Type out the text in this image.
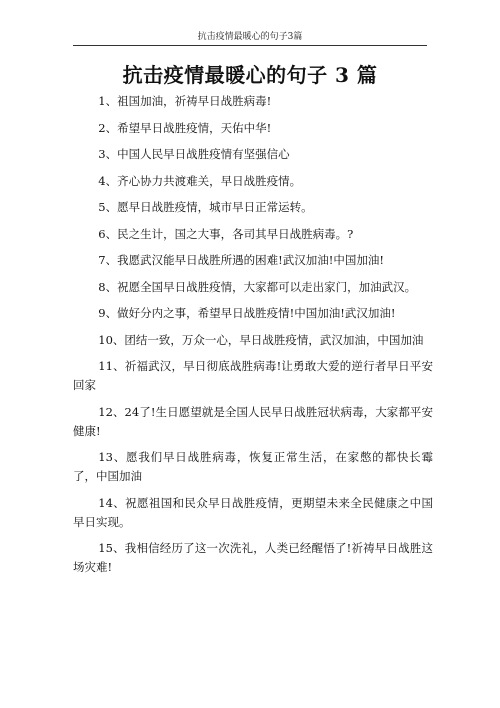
抗击疫情最暖心的句子3篇
抗击疫情最暖心的句子 3 篇

1、祖国加油，祈祷早日战胜病毒!

2、希望早日战胜疫情，天佑中华!

3、中国人民早日战胜疫情有坚强信心

4、齐心协力共渡难关，早日战胜疫情。

5、愿早日战胜疫情，城市早日正常运转。

6、民之生计，国之大事，各司其早日战胜病毒。?

7、我愿武汉能早日战胜所遇的困难!武汉加油!中国加油!

8、祝愿全国早日战胜疫情，大家都可以走出家门，加油武汉。

9、做好分内之事，希望早日战胜疫情!中国加油!武汉加油!

10、团结一致，万众一心，早日战胜疫情，武汉加油，中国加油

11、祈福武汉，早日彻底战胜病毒!让勇敢大爱的逆行者早日平安回家

12、24了!生日愿望就是全国人民早日战胜冠状病毒，大家都平安健康!

13、愿我们早日战胜病毒，恢复正常生活，在家憋的都快长霉了，中国加油

14、祝愿祖国和民众早日战胜疫情，更期望未来全民健康之中国早日实现。

15、我相信经历了这一次洗礼，人类已经醒悟了!祈祷早日战胜这场灾难!
